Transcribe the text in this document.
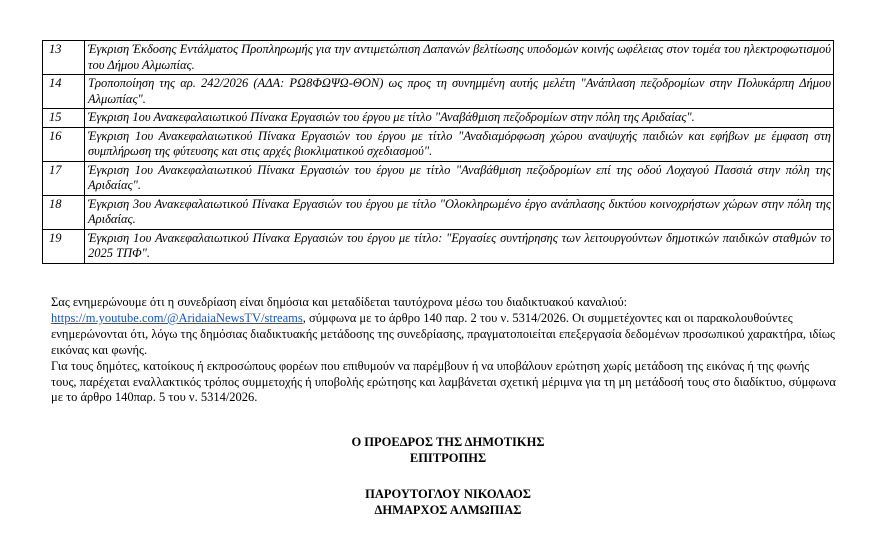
13	Έγκριση Έκδοσης Εντάλματος Προπληρωμής για την αντιμετώπιση Δαπανών βελτίωσης υποδομών κοινής ωφέλειας στον τομέα του ηλεκτροφωτισμού του Δήμου Αλμωπίας.
14	Τροποποίηση της αρ. 242/2026 (ΑΔΑ: ΡΩ8ΦΩΨΩ-ΘΟΝ) ως προς τη συνημμένη αυτής μελέτη "Ανάπλαση πεζοδρομίων στην Πολυκάρπη Δήμου Αλμωπίας".
15	Έγκριση 1ου Ανακεφαλαιωτικού Πίνακα Εργασιών του έργου με τίτλο "Αναβάθμιση πεζοδρομίων στην πόλη της Αριδαίας".
16	Έγκριση 1ου Ανακεφαλαιωτικού Πίνακα Εργασιών του έργου με τίτλο "Αναδιαμόρφωση χώρου αναψυχής παιδιών και εφήβων με έμφαση στη συμπλήρωση της φύτευσης και στις αρχές βιοκλιματικού σχεδιασμού".
17	Έγκριση 1ου Ανακεφαλαιωτικού Πίνακα Εργασιών του έργου με τίτλο "Αναβάθμιση πεζοδρομίων επί της οδού Λοχαγού Πασσιά στην πόλη της Αριδαίας".
18	Έγκριση 3ου Ανακεφαλαιωτικού Πίνακα Εργασιών του έργου με τίτλο "Ολοκληρωμένο έργο ανάπλασης δικτύου κοινοχρήστων χώρων στην πόλη της Αριδαίας.
19	Έγκριση 1ου Ανακεφαλαιωτικού Πίνακα Εργασιών του έργου με τίτλο: "Εργασίες συντήρησης των λειτουργούντων δημοτικών παιδικών σταθμών το 2025 ΤΠΦ".

Σας ενημερώνουμε ότι η συνεδρίαση είναι δημόσια και μεταδίδεται ταυτόχρονα μέσω του διαδικτυακού καναλιού:
https://m.youtube.com/@AridaiaNewsTV/streams, σύμφωνα με το άρθρο 140 παρ. 2 του ν. 5314/2026. Οι συμμετέχοντες και οι παρακολουθούντες ενημερώνονται ότι, λόγω της δημόσιας διαδικτυακής μετάδοσης της συνεδρίασης, πραγματοποιείται επεξεργασία δεδομένων προσωπικού χαρακτήρα, ιδίως εικόνας και φωνής.

Για τους δημότες, κατοίκους ή εκπροσώπους φορέων που επιθυμούν να παρέμβουν ή να υποβάλουν ερώτηση χωρίς μετάδοση της εικόνας ή της φωνής τους, παρέχεται εναλλακτικός τρόπος συμμετοχής ή υποβολής ερώτησης και λαμβάνεται σχετική μέριμνα για τη μη μετάδοσή τους στο διαδίκτυο, σύμφωνα με το άρθρο 140παρ. 5 του ν. 5314/2026.

Ο ΠΡΟΕΔΡΟΣ ΤΗΣ ΔΗΜΟΤΙΚΗΣ
ΕΠΙΤΡΟΠΗΣ
ΠΑΡΟΥΤΟΓΛΟΥ ΝΙΚΟΛΑΟΣ
ΔΗΜΑΡΧΟΣ ΑΛΜΩΠΙΑΣ
